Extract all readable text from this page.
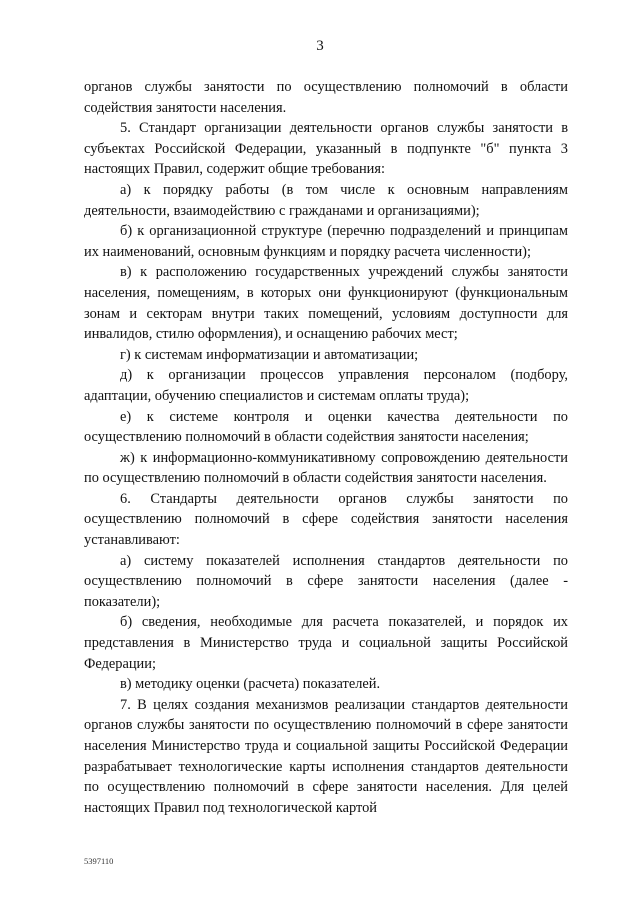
3

органов службы занятости по осуществлению полномочий в области содействия занятости населения.

5. Стандарт организации деятельности органов службы занятости в субъектах Российской Федерации, указанный в подпункте "б" пункта 3 настоящих Правил, содержит общие требования:

а) к порядку работы (в том числе к основным направлениям деятельности, взаимодействию с гражданами и организациями);

б) к организационной структуре (перечню подразделений и принципам их наименований, основным функциям и порядку расчета численности);

в) к расположению государственных учреждений службы занятости населения, помещениям, в которых они функционируют (функциональным зонам и секторам внутри таких помещений, условиям доступности для инвалидов, стилю оформления), и оснащению рабочих мест;

г) к системам информатизации и автоматизации;

д) к организации процессов управления персоналом (подбору, адаптации, обучению специалистов и системам оплаты труда);

е) к системе контроля и оценки качества деятельности по осуществлению полномочий в области содействия занятости населения;

ж) к информационно-коммуникативному сопровождению деятельности по осуществлению полномочий в области содействия занятости населения.

6. Стандарты деятельности органов службы занятости по осуществлению полномочий в сфере содействия занятости населения устанавливают:

а) систему показателей исполнения стандартов деятельности по осуществлению полномочий в сфере занятости населения (далее - показатели);

б) сведения, необходимые для расчета показателей, и порядок их представления в Министерство труда и социальной защиты Российской Федерации;

в) методику оценки (расчета) показателей.

7. В целях создания механизмов реализации стандартов деятельности органов службы занятости по осуществлению полномочий в сфере занятости населения Министерство труда и социальной защиты Российской Федерации разрабатывает технологические карты исполнения стандартов деятельности по осуществлению полномочий в сфере занятости населения. Для целей настоящих Правил под технологической картой

5397110
